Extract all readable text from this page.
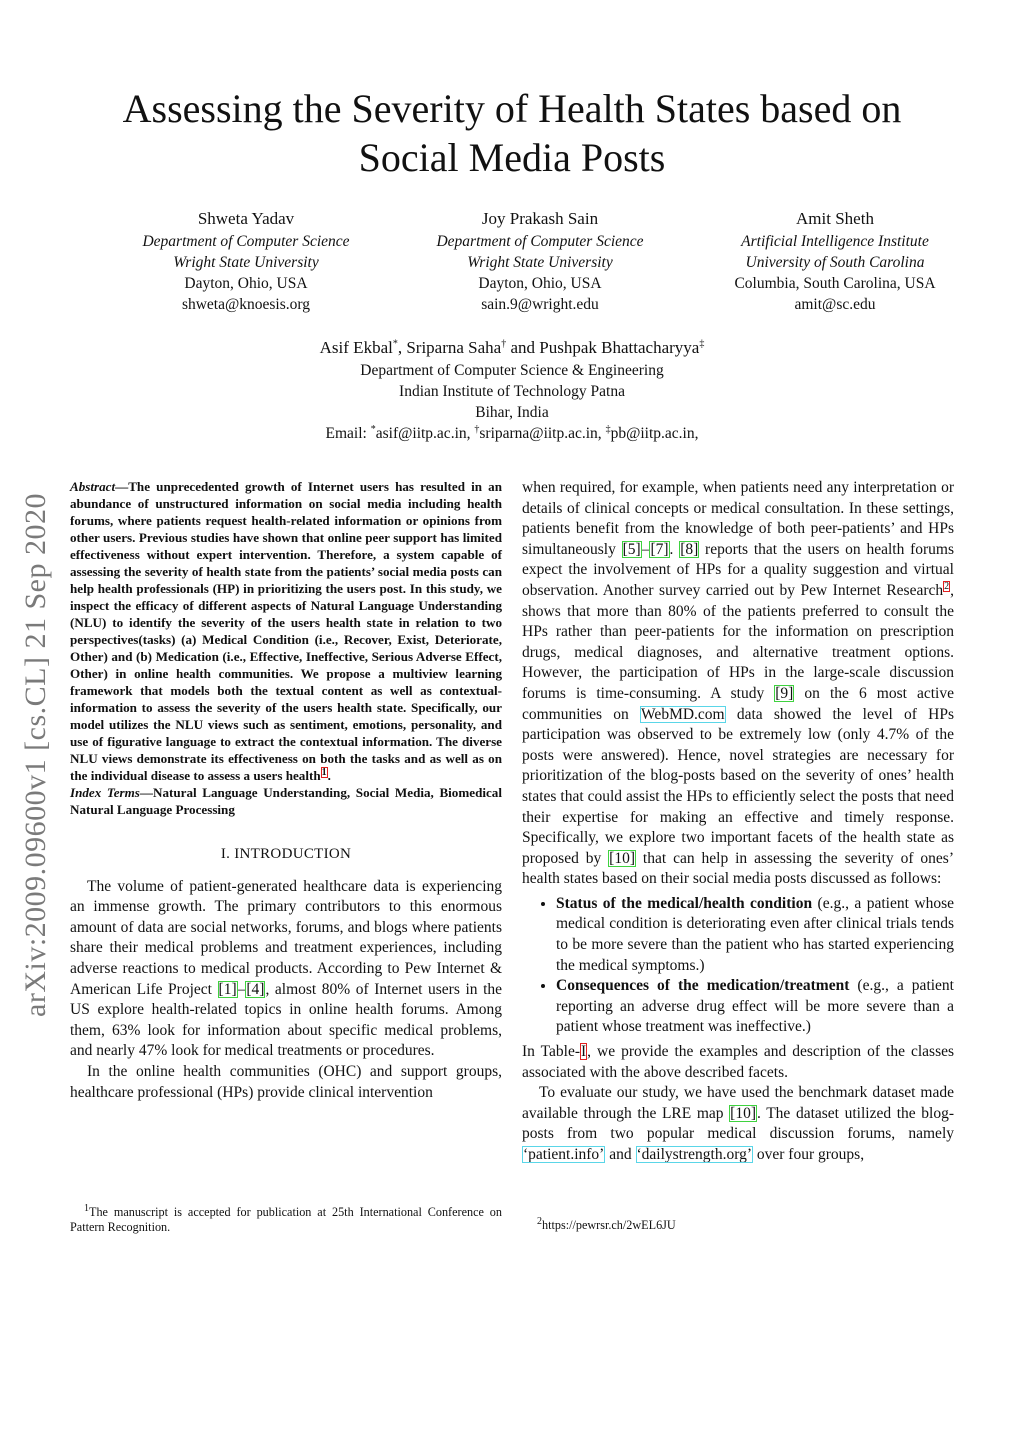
arXiv:2009.09600v1 [cs.CL] 21 Sep 2020
Assessing the Severity of Health States based on
Social Media Posts
Shweta Yadav
Department of Computer Science
Wright State University
Dayton, Ohio, USA
shweta@knoesis.org
Joy Prakash Sain
Department of Computer Science
Wright State University
Dayton, Ohio, USA
sain.9@wright.edu
Amit Sheth
Artificial Intelligence Institute
University of South Carolina
Columbia, South Carolina, USA
amit@sc.edu
Asif Ekbal*, Sriparna Saha† and Pushpak Bhattacharyya‡
Department of Computer Science & Engineering
Indian Institute of Technology Patna
Bihar, India
Email: *asif@iitp.ac.in, †sriparna@iitp.ac.in, ‡pb@iitp.ac.in,

Abstract—The unprecedented growth of Internet users has resulted in an abundance of unstructured information on social media including health forums, where patients request health-related information or opinions from other users. Previous studies have shown that online peer support has limited effectiveness without expert intervention. Therefore, a system capable of assessing the severity of health state from the patients’ social media posts can help health professionals (HP) in prioritizing the users post. In this study, we inspect the efficacy of different aspects of Natural Language Understanding (NLU) to identify the severity of the users health state in relation to two perspectives(tasks) (a) Medical Condition (i.e., Recover, Exist, Deteriorate, Other) and (b) Medication (i.e., Effective, Ineffective, Serious Adverse Effect, Other) in online health communities. We propose a multiview learning framework that models both the textual content as well as contextual-information to assess the severity of the users health state. Specifically, our model utilizes the NLU views such as sentiment, emotions, personality, and use of figurative language to extract the contextual information. The diverse NLU views demonstrate its effectiveness on both the tasks and as well as on the individual disease to assess a users health$^1$.

Index Terms—Natural Language Understanding, Social Media, Biomedical Natural Language Processing

I. INTRODUCTION

The volume of patient-generated healthcare data is experiencing an immense growth. The primary contributors to this enormous amount of data are social networks, forums, and blogs where patients share their medical problems and treatment experiences, including adverse reactions to medical products. According to Pew Internet & American Life Project [1]–[4], almost 80% of Internet users in the US explore health-related topics in online health forums. Among them, 63% look for information about specific medical problems, and nearly 47% look for medical treatments or procedures.

In the online health communities (OHC) and support groups, healthcare professional (HPs) provide clinical intervention

$^1$The manuscript is accepted for publication at 25th International Conference on Pattern Recognition.

when required, for example, when patients need any interpretation or details of clinical concepts or medical consultation. In these settings, patients benefit from the knowledge of both peer-patients’ and HPs simultaneously [5]–[7]. [8] reports that the users on health forums expect the involvement of HPs for a quality suggestion and virtual observation. Another survey carried out by Pew Internet Research$^2$, shows that more than 80% of the patients preferred to consult the HPs rather than peer-patients for the information on prescription drugs, medical diagnoses, and alternative treatment options. However, the participation of HPs in the large-scale discussion forums is time-consuming. A study [9] on the 6 most active communities on WebMD.com data showed the level of HPs participation was observed to be extremely low (only 4.7% of the posts were answered). Hence, novel strategies are necessary for prioritization of the blog-posts based on the severity of ones’ health states that could assist the HPs to efficiently select the posts that need their expertise for making an effective and timely response. Specifically, we explore two important facets of the health state as proposed by [10] that can help in assessing the severity of ones’ health states based on their social media posts discussed as follows:

• Status of the medical/health condition (e.g., a patient whose medical condition is deteriorating even after clinical trials tends to be more severe than the patient who has started experiencing the medical symptoms.)
• Consequences of the medication/treatment (e.g., a patient reporting an adverse drug effect will be more severe than a patient whose treatment was ineffective.)

In Table-I, we provide the examples and description of the classes associated with the above described facets.

To evaluate our study, we have used the benchmark dataset made available through the LRE map [10]. The dataset utilized the blog-posts from two popular medical discussion forums, namely ‘patient.info’ and ‘dailystrength.org’ over four groups,

$^2$https://pewrsr.ch/2wEL6JU
